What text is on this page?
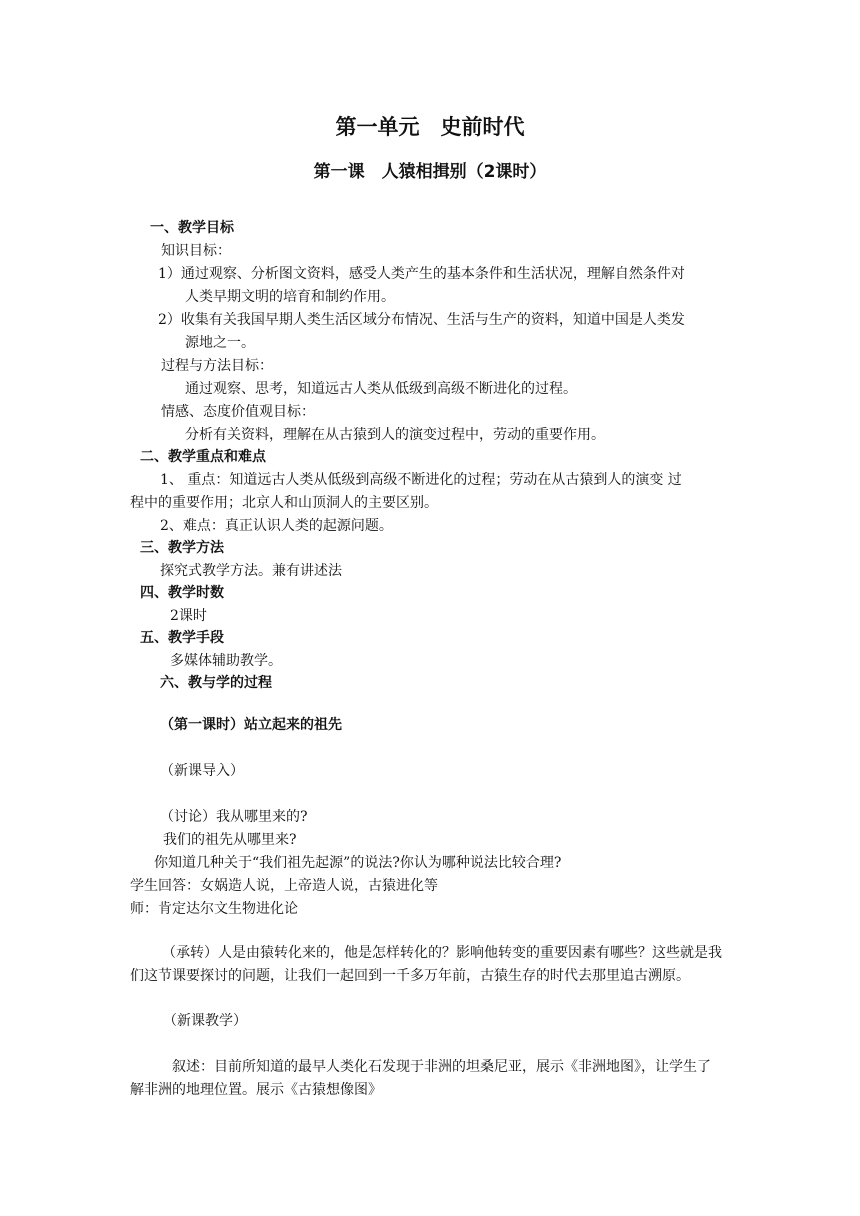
第一单元　史前时代
第一课　人猿相揖别（2课时）
一、教学目标
知识目标：
1）通过观察、分析图文资料，感受人类产生的基本条件和生活状况，理解自然条件对
人类早期文明的培育和制约作用。
2）收集有关我国早期人类生活区域分布情况、生活与生产的资料，知道中国是人类发
源地之一。
过程与方法目标：
通过观察、思考，知道远古人类从低级到高级不断进化的过程。
情感、态度价值观目标：
分析有关资料，理解在从古猿到人的演变过程中，劳动的重要作用。
二、教学重点和难点
1、 重点：知道远古人类从低级到高级不断进化的过程；劳动在从古猿到人的演变 过
程中的重要作用；北京人和山顶洞人的主要区别。
2、难点：真正认识人类的起源问题。
三、教学方法
探究式教学方法。兼有讲述法
四、教学时数
2课时
五、教学手段
多媒体辅助教学。
六、教与学的过程
（第一课时）站立起来的祖先
（新课导入）
（讨论）我从哪里来的?
我们的祖先从哪里来?
你知道几种关于“我们祖先起源”的说法?你认为哪种说法比较合理?
学生回答：女娲造人说，上帝造人说，古猿进化等
师：肯定达尔文生物进化论
（承转）人是由猿转化来的，他是怎样转化的？影响他转变的重要因素有哪些？这些就是我们这节课要探讨的问题，让我们一起回到一千多万年前，古猿生存的时代去那里追古溯原。
（新课教学）
叙述：目前所知道的最早人类化石发现于非洲的坦桑尼亚，展示《非洲地图》，让学生了解非洲的地理位置。展示《古猿想像图》
